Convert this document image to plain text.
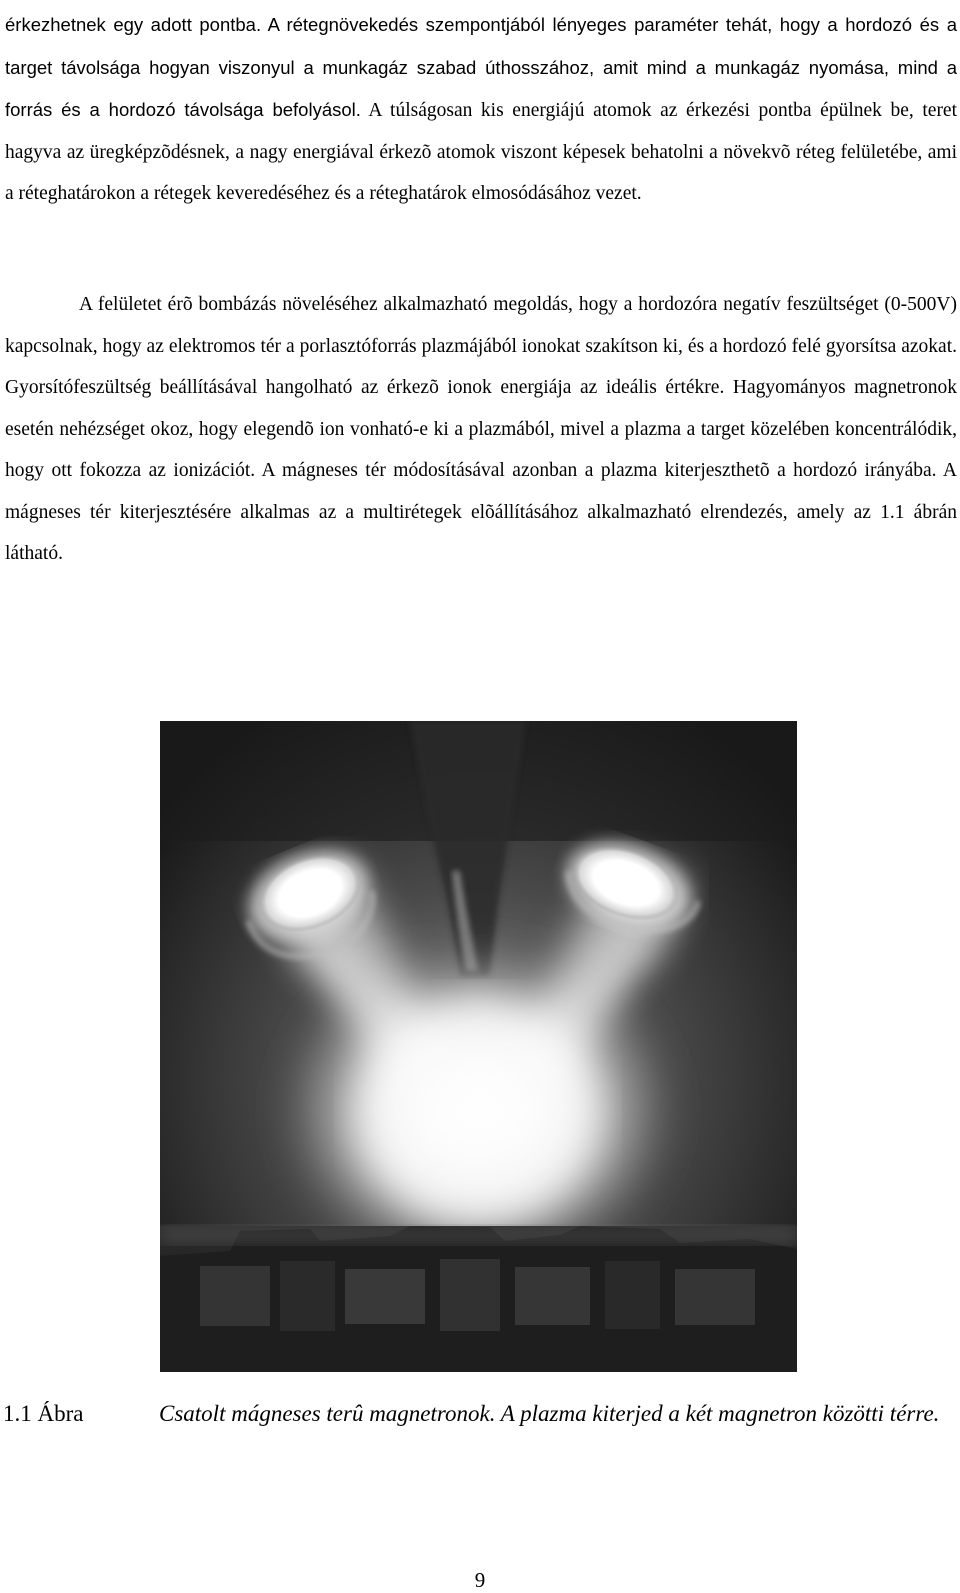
érkezhetnek egy adott pontba. A rétegnövekedés szempontjából lényeges paraméter tehát, hogy a hordozó és a target távolsága hogyan viszonyul a munkagáz szabad úthosszához, amit mind a munkagáz nyomása, mind a forrás és a hordozó távolsága befolyásol. A túlságosan kis energiájú atomok az érkezési pontba épülnek be, teret hagyva az üregképzõdésnek, a nagy energiával érkezõ atomok viszont képesek behatolni a növekvõ réteg felületébe, ami a réteghatárokon a rétegek keveredéséhez és a réteghatárok elmosódásához vezet.
A felületet érõ bombázás növeléséhez alkalmazható megoldás, hogy a hordozóra negatív feszültséget (0-500V) kapcsolnak, hogy az elektromos tér a porlasztóforrás plazmájából ionokat szakítson ki, és a hordozó felé gyorsítsa azokat. Gyorsítófeszültség beállításával hangolható az érkezõ ionok energiája az ideális értékre. Hagyományos magnetronok esetén nehézséget okoz, hogy elegendõ ion vonható-e ki a plazmából, mivel a plazma a target közelében koncentrálódik, hogy ott fokozza az ionizációt. A mágneses tér módosításával azonban a plazma kiterjeszthetõ a hordozó irányába. A mágneses tér kiterjesztésére alkalmas az a multirétegek elõállításához alkalmazható elrendezés, amely az 1.1 ábrán látható.
1.1 Ábra	Csatolt mágneses terû magnetronok. A plazma kiterjed a két magnetron közötti térre.
9
